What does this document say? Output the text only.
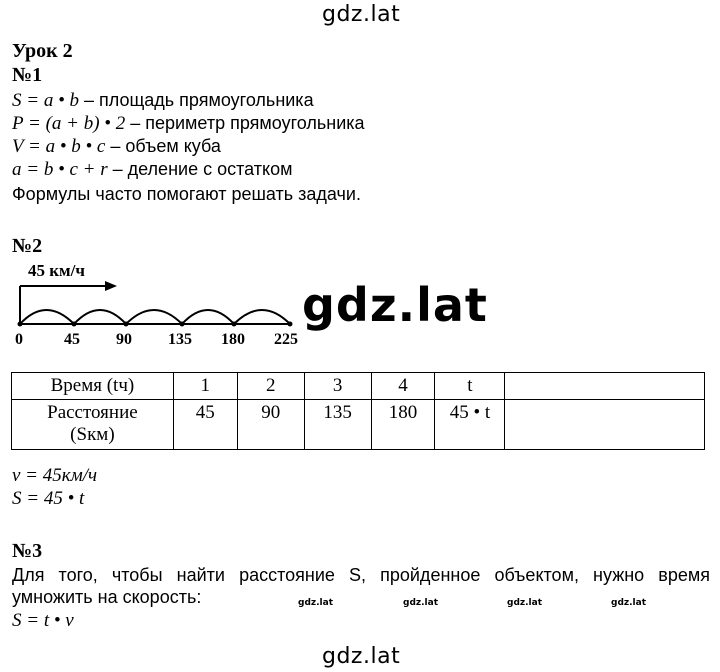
gdz.lat
gdz.lat
gdz.lat
gdz.lat	gdz.lat	gdz.lat	gdz.lat
Урок 2
№1
S = a • b – площадь прямоугольника
P = (a + b) • 2 – периметр прямоугольника
V = a • b • c – объем куба
a = b • c + r – деление с остатком
Формулы часто помогают решать задачи.
№2
45 км/ч
0	45 90 135 180 225
Время (tч)	1	2	3	4	t	

Расстояние
(Sкм)	45	90	135	180	45 • t	
v = 45км/ч
S = 45 • t
№3
Для того, чтобы найти расстояние S, пройденное объектом, нужно время умножить на скорость:
S = t • v
